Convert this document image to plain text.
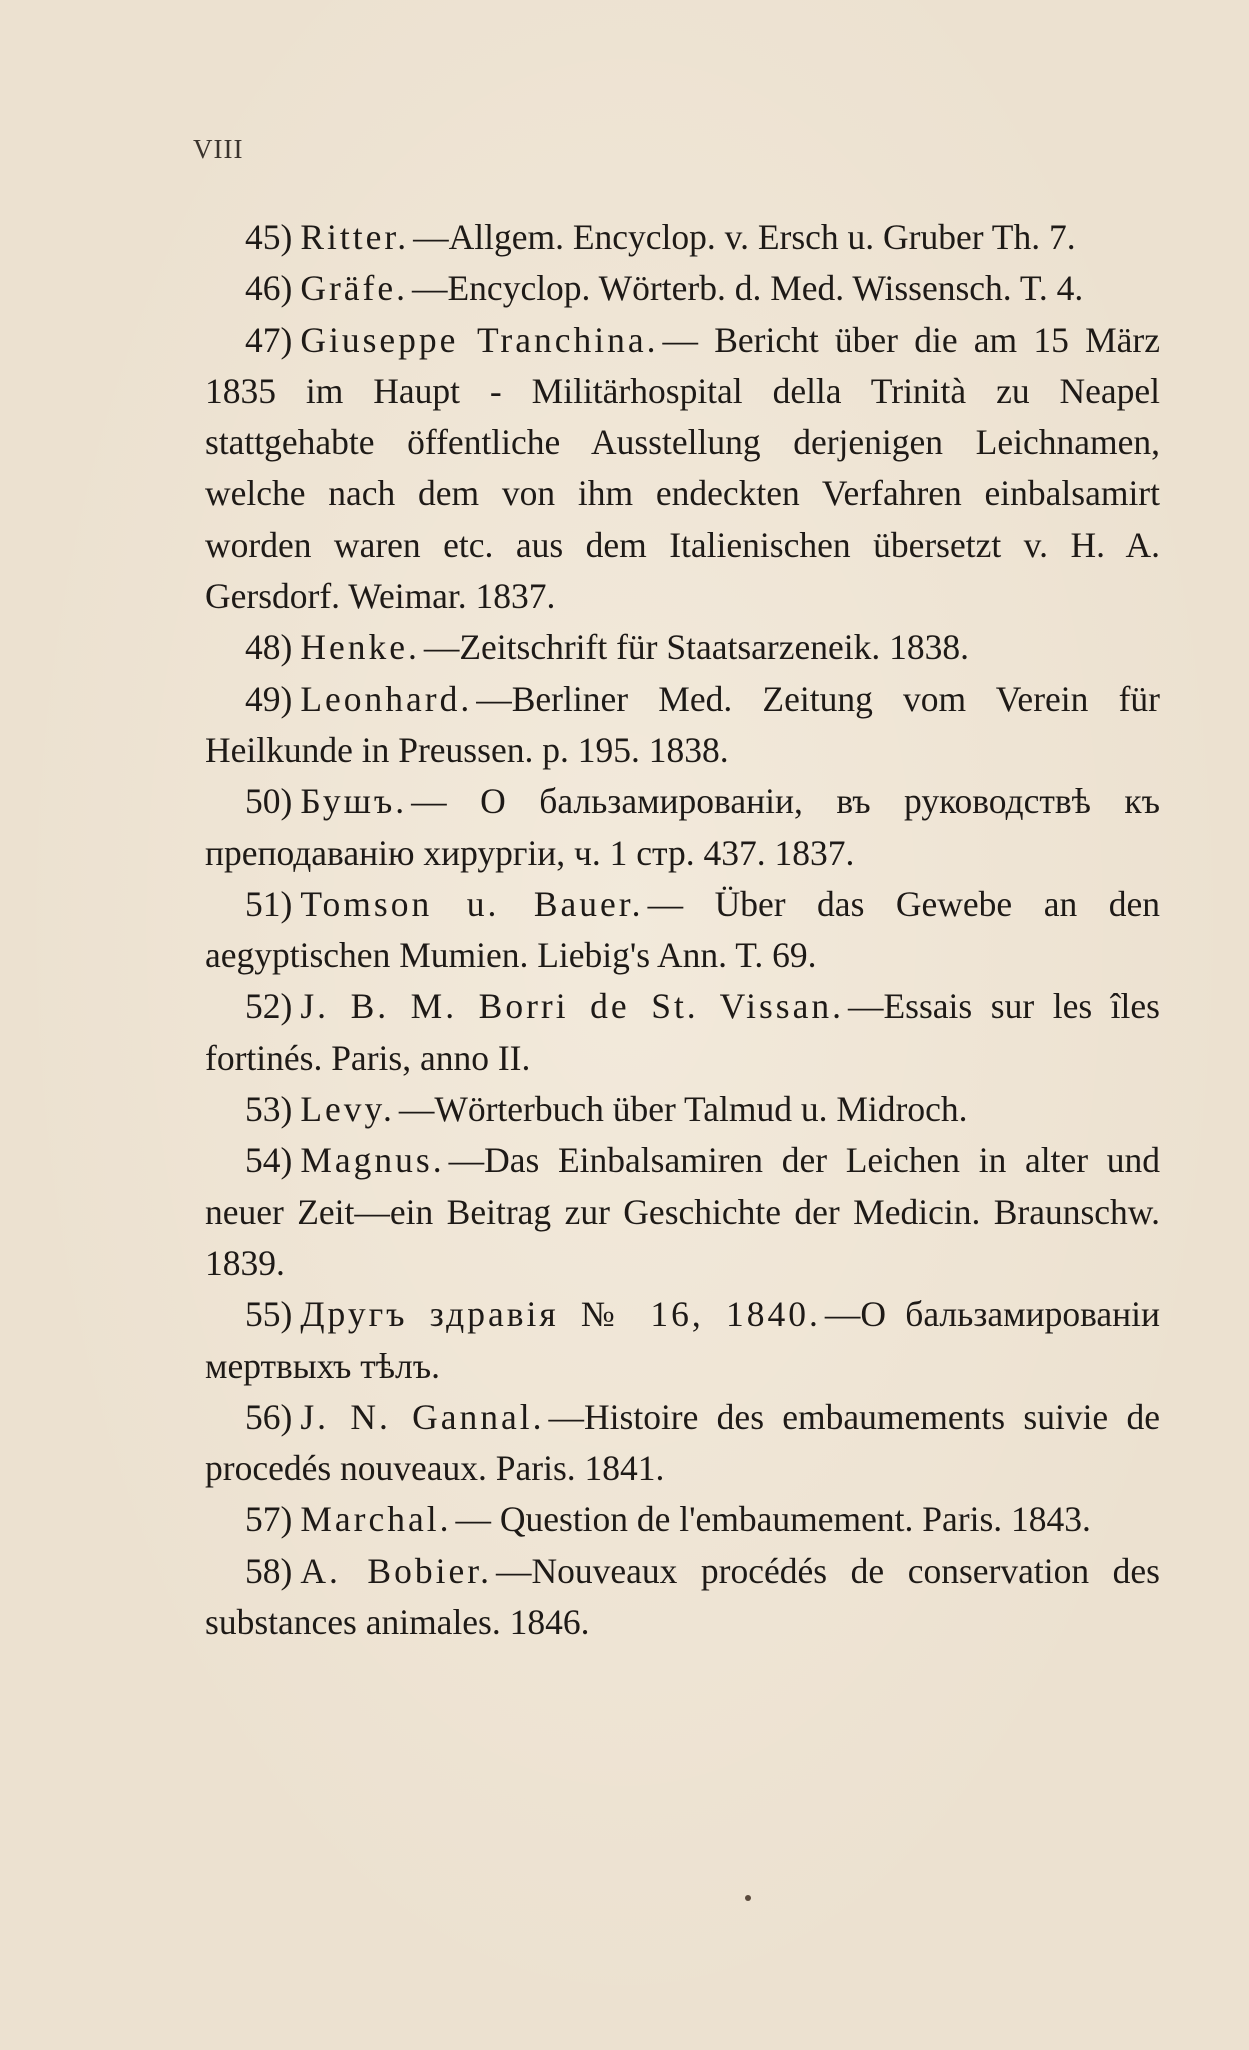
VIII

45) Ritter. —Allgem. Encyclop. v. Ersch u. Gruber Th. 7.

46) Gräfe. —Encyclop. Wörterb. d. Med. Wissensch. T. 4.

47) Giuseppe Tranchina. — Bericht über die am 15 März 1835 im Haupt - Militärhospital della Trinità zu Neapel stattgehabte öffentliche Ausstellung derjenigen Leichnamen, welche nach dem von ihm endeckten Verfahren einbalsamirt worden waren etc. aus dem Italienischen übersetzt v. H. A. Gersdorf. Weimar. 1837.

48) Henke. —Zeitschrift für Staatsarzeneik. 1838.

49) Leonhard. —Berliner Med. Zeitung vom Verein für Heilkunde in Preussen. p. 195. 1838.

50) Бушъ. — О бальзамированіи, въ руководствѣ къ преподаванію хирургіи, ч. 1 стр. 437. 1837.

51) Tomson u. Bauer. — Über das Gewebe an den aegyptischen Mumien. Liebig's Ann. T. 69.

52) J. B. M. Borri de St. Vissan. —Essais sur les îles fortinés. Paris, anno II.

53) Levy. —Wörterbuch über Talmud u. Midroch.

54) Magnus. —Das Einbalsamiren der Leichen in alter und neuer Zeit—ein Beitrag zur Geschichte der Medicin. Braunschw. 1839.

55) Другъ здравія № 16, 1840. —О бальзамированіи мертвыхъ тѣлъ.

56) J. N. Gannal. —Histoire des embaumements suivie de procedés nouveaux. Paris. 1841.

57) Marchal. — Question de l'embaumement. Paris. 1843.

58) A. Bobier. —Nouveaux procédés de conservation des substances animales. 1846.
